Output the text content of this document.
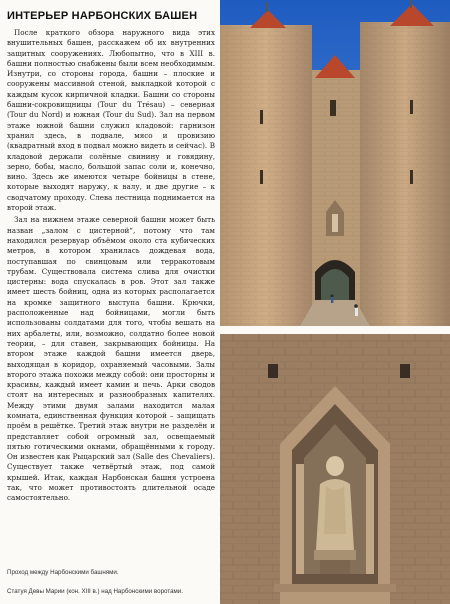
ИНТЕРЬЕР НАРБОНСКИХ БАШЕН

После краткого обзора наружного вида этих внушительных башен, расскажем об их внутренних защитных сооружениях. Любопытно, что в XIII в. башни полностью снабжены были всем необходимым. Изнутри, со стороны города, башни – плоские и сооружены массивной стеной, выкладкой которой с каждым кусок кирпичной кладки. Башни со стороны башни-сокровищницы (Tour du Trésau) – северная (Tour du Nord) и южная (Tour du Sud). Зал на первом этаже южной башни служил кладовой: гарнизон хранил здесь, в подвале, мясо и провизию (квадратный вход в подвал можно видеть и сейчас). В кладовой держали солёные свинину и говядину, зерно, бобы, масло, большой запас соли и, конечно, вино. Здесь же имеются четыре бойницы в стене, которые выходят наружу, к валу, и две другие – к сводчатому проходу. Слева лестница поднимается на второй этаж.

Зал на нижнем этаже северной башни может быть назван „залом с цистерной“, потому что там находился резервуар объёмом около ста кубических метров, в котором хранилась дождевая вода, поступавшая по свинцовым или терракотовым трубам. Существовала система слива для очистки цистерны: вода спускалась в ров. Этот зал также имеет шесть бойниц, одна из которых располагается на кромке защитного выступа башни. Крючки, расположенные над бойницами, могли быть использованы солдатами для того, чтобы вешать на них арбалеты, или, возможно, солдатно более новой теории, – для ставен, закрывающих бойницы. На втором этаже каждой башни имеется дверь, выходящая в коридор, охраняемый часовыми. Залы второго этажа похожи между собой: они просторны и красивы, каждый имеет камин и печь. Арки сводов стоят на интересных и разнообразных капителях. Между этими двумя залами находится малая комната, единственная функция которой – защищать проём в решётке. Третий этаж внутри не разделён и представляет собой огромный зал, освещаемый пятью готическими окнами, обращёнными к городу. Он известен как Рыцарский зал (Salle des Chevaliers). Существует также четвёртый этаж, под самой крышей. Итак, каждая Нарбонская башня устроена так, что может противостоять длительной осаде самостоятельно.

Проход между Нарбонскими башнями.
Статуя Девы Марии (кон. XIII в.) над Нарбонскими воротами.
